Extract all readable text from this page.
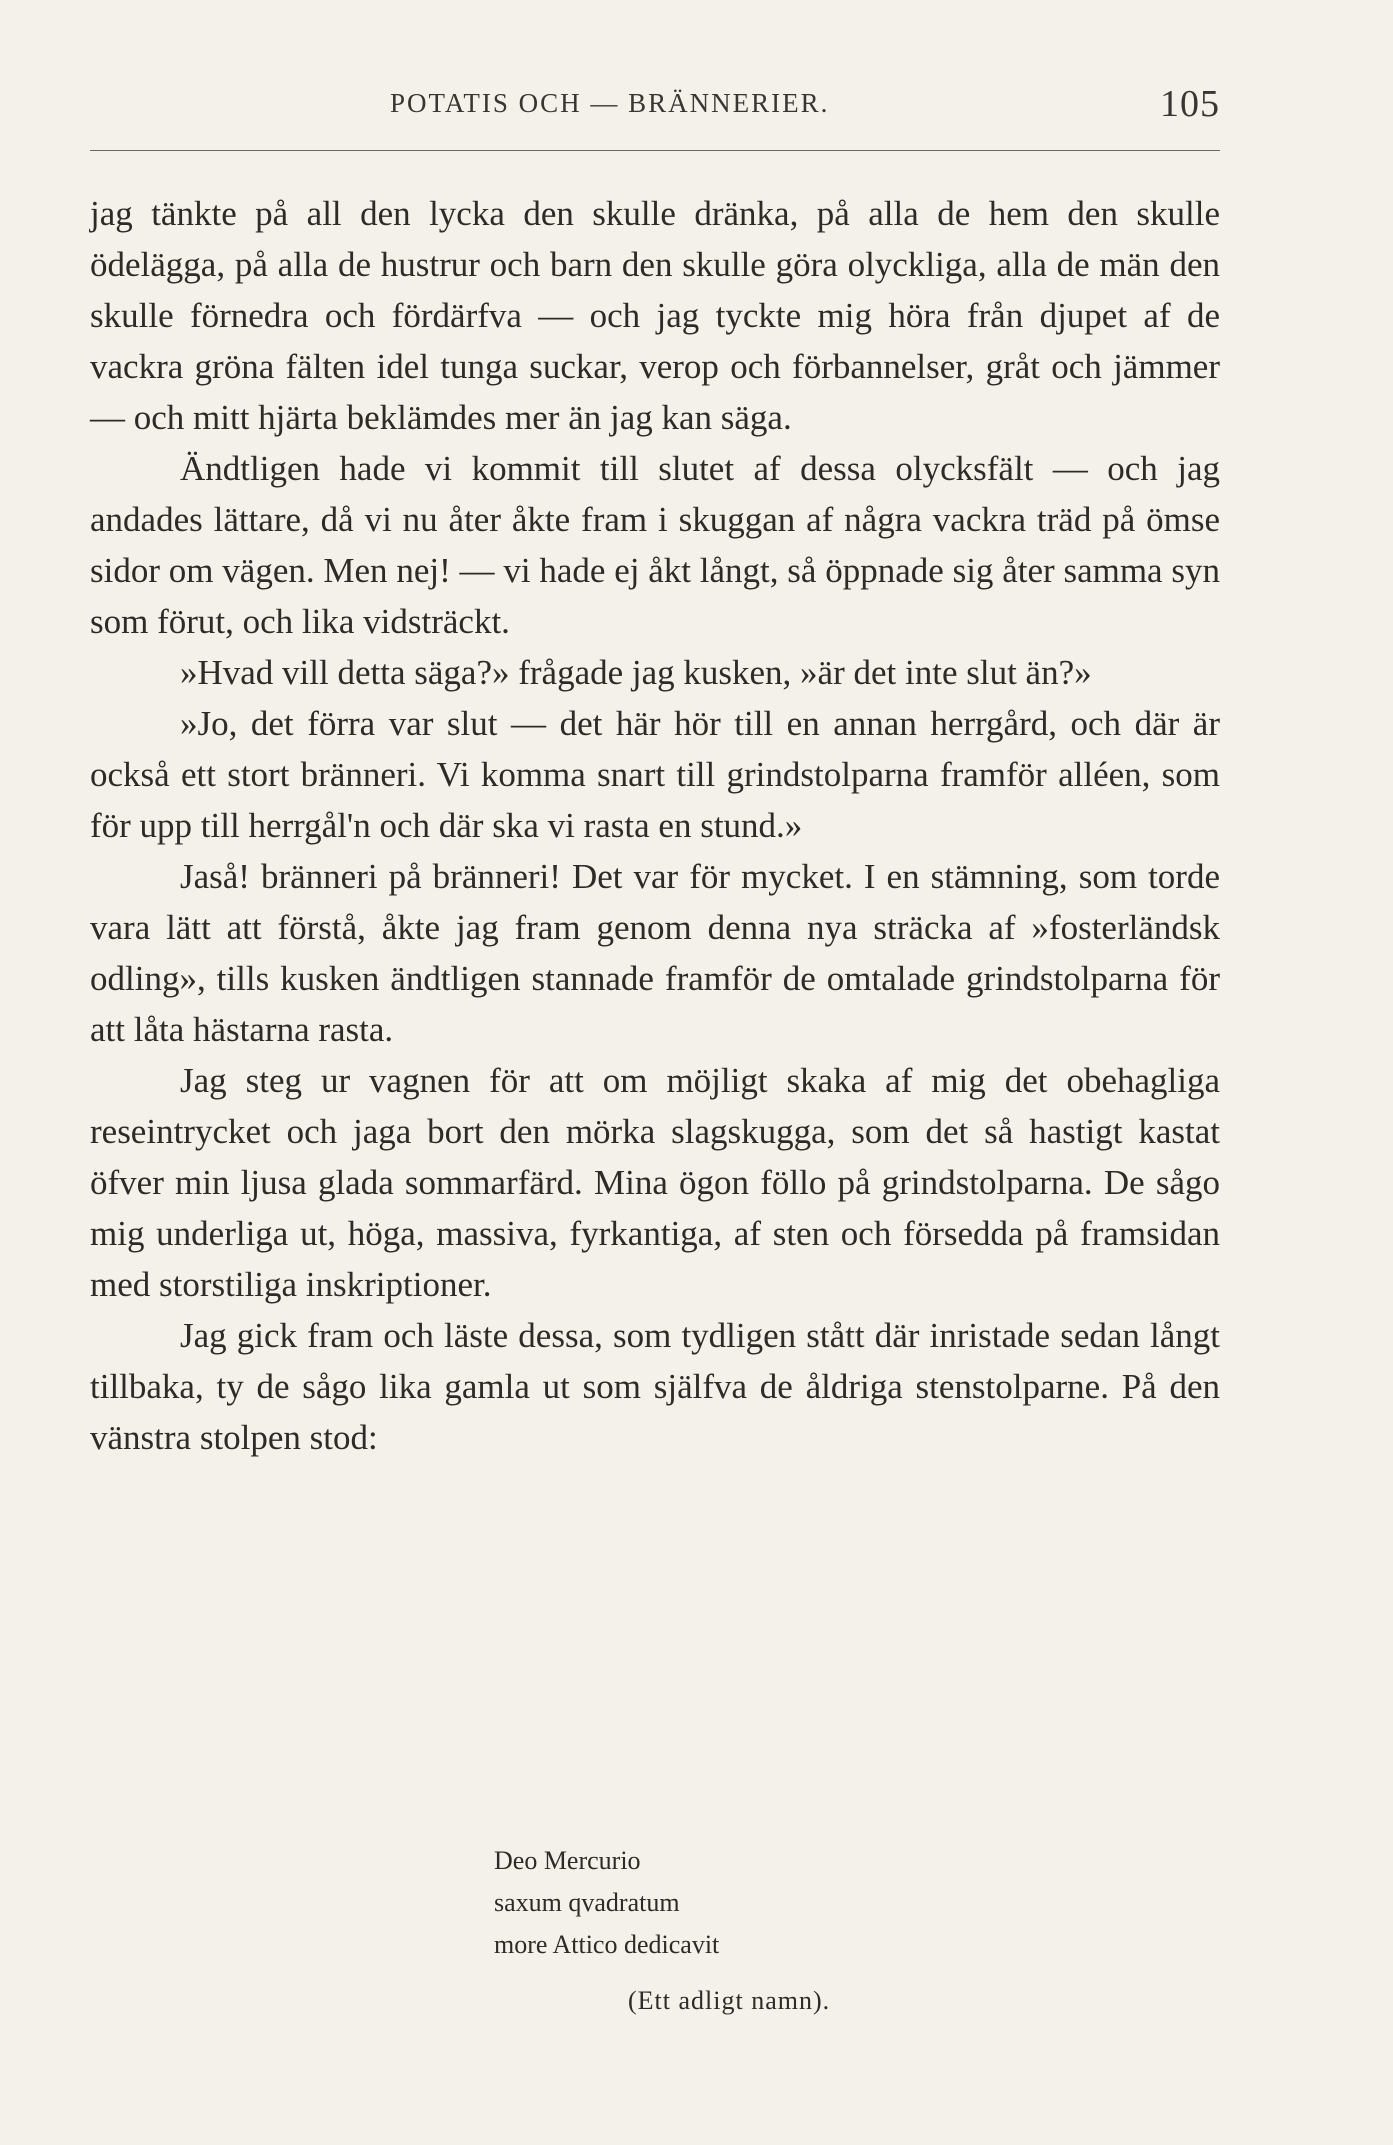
POTATIS OCH — BRÄNNERIER.	105

jag tänkte på all den lycka den skulle dränka, på alla de hem den skulle ödelägga, på alla de hustrur och barn den skulle göra olyckliga, alla de män den skulle förnedra och fördärfva — och jag tyckte mig höra från djupet af de vackra gröna fälten idel tunga suckar, verop och förbannelser, gråt och jämmer — och mitt hjärta beklämdes mer än jag kan säga.

Ändtligen hade vi kommit till slutet af dessa olycksfält — och jag andades lättare, då vi nu åter åkte fram i skuggan af några vackra träd på ömse sidor om vägen. Men nej! — vi hade ej åkt långt, så öppnade sig åter samma syn som förut, och lika vidsträckt.

»Hvad vill detta säga?» frågade jag kusken, »är det inte slut än?»

»Jo, det förra var slut — det här hör till en annan herrgård, och där är också ett stort bränneri. Vi komma snart till grindstolparna framför alléen, som för upp till herrgål'n och där ska vi rasta en stund.»

Jaså! bränneri på bränneri! Det var för mycket. I en stämning, som torde vara lätt att förstå, åkte jag fram genom denna nya sträcka af »fosterländsk odling», tills kusken ändtligen stannade framför de omtalade grindstolparna för att låta hästarna rasta.

Jag steg ur vagnen för att om möjligt skaka af mig det obehagliga reseintrycket och jaga bort den mörka slagskugga, som det så hastigt kastat öfver min ljusa glada sommarfärd. Mina ögon föllo på grindstolparna. De sågo mig underliga ut, höga, massiva, fyrkantiga, af sten och försedda på framsidan med storstiliga inskriptioner.

Jag gick fram och läste dessa, som tydligen stått där inristade sedan långt tillbaka, ty de sågo lika gamla ut som själfva de åldriga stenstolparne. På den vänstra stolpen stod:

Deo Mercurio
saxum qvadratum
more Attico dedicavit
(Ett adligt namn).
